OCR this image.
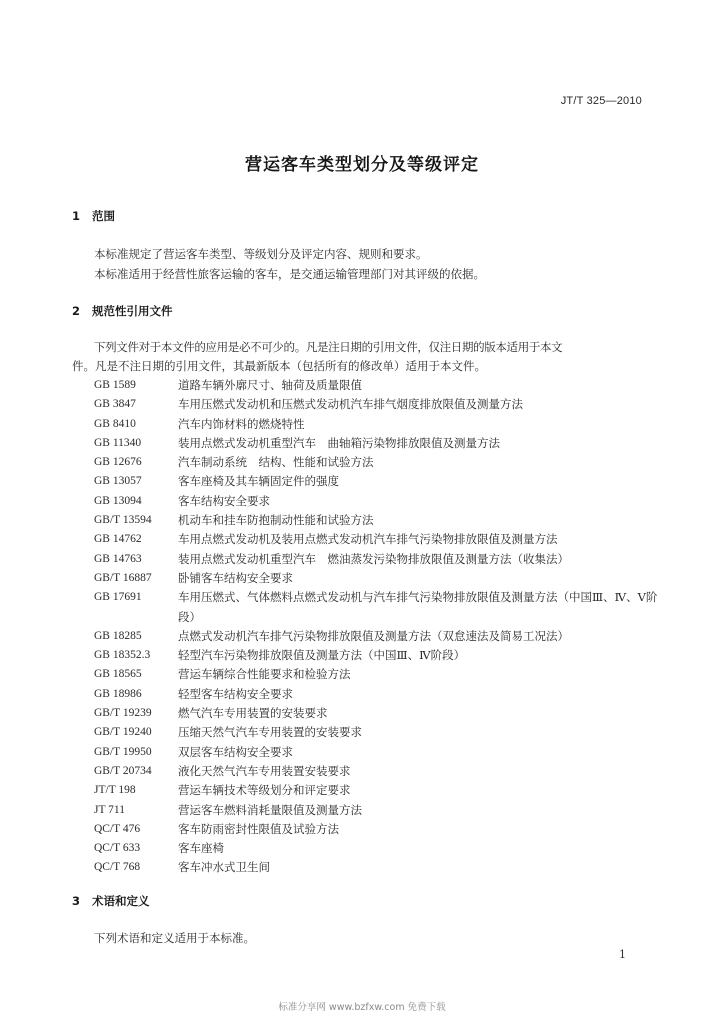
JT/T 325—2010
营运客车类型划分及等级评定
1 范围
本标准规定了营运客车类型、等级划分及评定内容、规则和要求。
本标准适用于经营性旅客运输的客车，是交通运输管理部门对其评级的依据。
2 规范性引用文件
下列文件对于本文件的应用是必不可少的。凡是注日期的引用文件，仅注日期的版本适用于本文
件。凡是不注日期的引用文件，其最新版本（包括所有的修改单）适用于本文件。
GB 1589	道路车辆外廓尺寸、轴荷及质量限值
GB 3847	车用压燃式发动机和压燃式发动机汽车排气烟度排放限值及测量方法
GB 8410	汽车内饰材料的燃烧特性
GB 11340	装用点燃式发动机重型汽车　曲轴箱污染物排放限值及测量方法
GB 12676	汽车制动系统　结构、性能和试验方法
GB 13057	客车座椅及其车辆固定件的强度
GB 13094	客车结构安全要求
GB/T 13594	机动车和挂车防抱制动性能和试验方法
GB 14762	车用点燃式发动机及装用点燃式发动机汽车排气污染物排放限值及测量方法
GB 14763	装用点燃式发动机重型汽车　燃油蒸发污染物排放限值及测量方法（收集法）
GB/T 16887	卧铺客车结构安全要求
GB 17691	车用压燃式、气体燃料点燃式发动机与汽车排气污染物排放限值及测量方法（中国Ⅲ、Ⅳ、Ⅴ阶段）
GB 18285	点燃式发动机汽车排气污染物排放限值及测量方法（双怠速法及简易工况法）
GB 18352.3	轻型汽车污染物排放限值及测量方法（中国Ⅲ、Ⅳ阶段）
GB 18565	营运车辆综合性能要求和检验方法
GB 18986	轻型客车结构安全要求
GB/T 19239	燃气汽车专用装置的安装要求
GB/T 19240	压缩天然气汽车专用装置的安装要求
GB/T 19950	双层客车结构安全要求
GB/T 20734	液化天然气汽车专用装置安装要求
JT/T 198	营运车辆技术等级划分和评定要求
JT 711	营运客车燃料消耗量限值及测量方法
QC/T 476	客车防雨密封性限值及试验方法
QC/T 633	客车座椅
QC/T 768	客车冲水式卫生间
3 术语和定义
下列术语和定义适用于本标准。
1
标准分享网 www.bzfxw.com 免费下载
